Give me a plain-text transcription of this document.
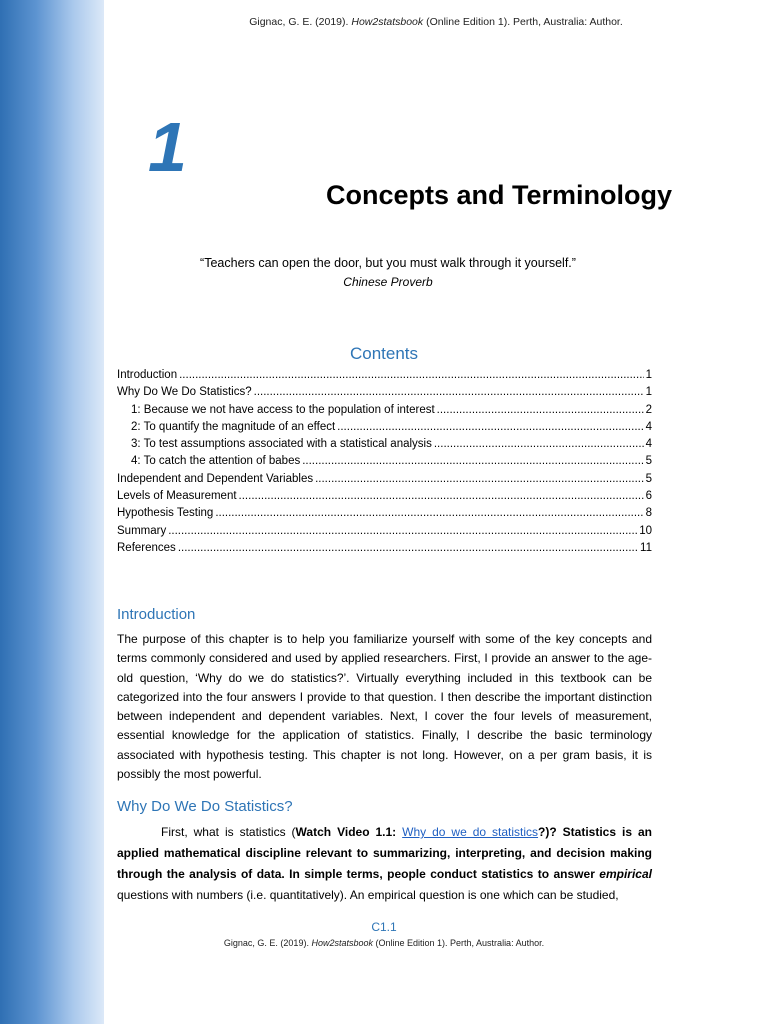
Gignac, G. E. (2019). How2statsbook (Online Edition 1). Perth, Australia: Author.
1
Concepts and Terminology
“Teachers can open the door, but you must walk through it yourself.”
Chinese Proverb
Contents
Introduction .....	1
Why Do We Do Statistics? .....	1
1: Because we not have access to the population of interest .....	2
2: To quantify the magnitude of an effect .....	4
3: To test assumptions associated with a statistical analysis .....	4
4: To catch the attention of babes .....	5
Independent and Dependent Variables .....	5
Levels of Measurement .....	6
Hypothesis Testing .....	8
Summary .....	10
References .....	11
Introduction
The purpose of this chapter is to help you familiarize yourself with some of the key concepts and terms commonly considered and used by applied researchers. First, I provide an answer to the age-old question, ‘Why do we do statistics?’. Virtually everything included in this textbook can be categorized into the four answers I provide to that question. I then describe the important distinction between independent and dependent variables. Next, I cover the four levels of measurement, essential knowledge for the application of statistics. Finally, I describe the basic terminology associated with hypothesis testing. This chapter is not long. However, on a per gram basis, it is possibly the most powerful.
Why Do We Do Statistics?
First, what is statistics (Watch Video 1.1: Why do we do statistics?)? Statistics is an applied mathematical discipline relevant to summarizing, interpreting, and decision making through the analysis of data. In simple terms, people conduct statistics to answer empirical questions with numbers (i.e. quantitatively). An empirical question is one which can be studied,
C1.1
Gignac, G. E. (2019). How2statsbook (Online Edition 1). Perth, Australia: Author.
